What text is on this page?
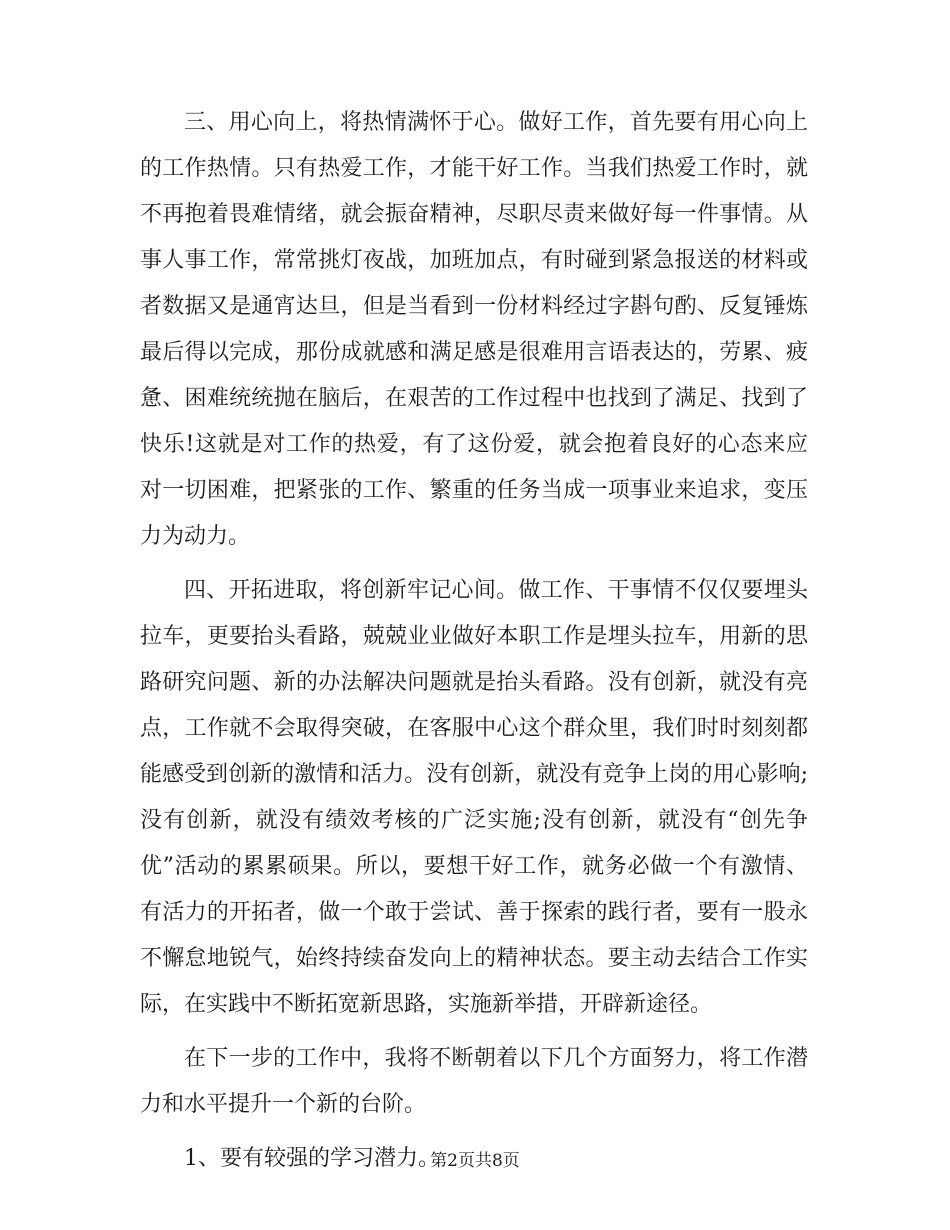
三、用心向上，将热情满怀于心。做好工作，首先要有用心向上的工作热情。只有热爱工作，才能干好工作。当我们热爱工作时，就不再抱着畏难情绪，就会振奋精神，尽职尽责来做好每一件事情。从事人事工作，常常挑灯夜战，加班加点，有时碰到紧急报送的材料或者数据又是通宵达旦，但是当看到一份材料经过字斟句酌、反复锤炼最后得以完成，那份成就感和满足感是很难用言语表达的，劳累、疲惫、困难统统抛在脑后，在艰苦的工作过程中也找到了满足、找到了快乐!这就是对工作的热爱，有了这份爱，就会抱着良好的心态来应对一切困难，把紧张的工作、繁重的任务当成一项事业来追求，变压力为动力。

四、开拓进取，将创新牢记心间。做工作、干事情不仅仅要埋头拉车，更要抬头看路，兢兢业业做好本职工作是埋头拉车，用新的思路研究问题、新的办法解决问题就是抬头看路。没有创新，就没有亮点，工作就不会取得突破，在客服中心这个群众里，我们时时刻刻都能感受到创新的激情和活力。没有创新，就没有竞争上岗的用心影响;没有创新，就没有绩效考核的广泛实施;没有创新，就没有“创先争优”活动的累累硕果。所以，要想干好工作，就务必做一个有激情、有活力的开拓者，做一个敢于尝试、善于探索的践行者，要有一股永不懈怠地锐气，始终持续奋发向上的精神状态。要主动去结合工作实际，在实践中不断拓宽新思路，实施新举措，开辟新途径。

在下一步的工作中，我将不断朝着以下几个方面努力，将工作潜力和水平提升一个新的台阶。

1、要有较强的学习潜力。

第2页共8页
